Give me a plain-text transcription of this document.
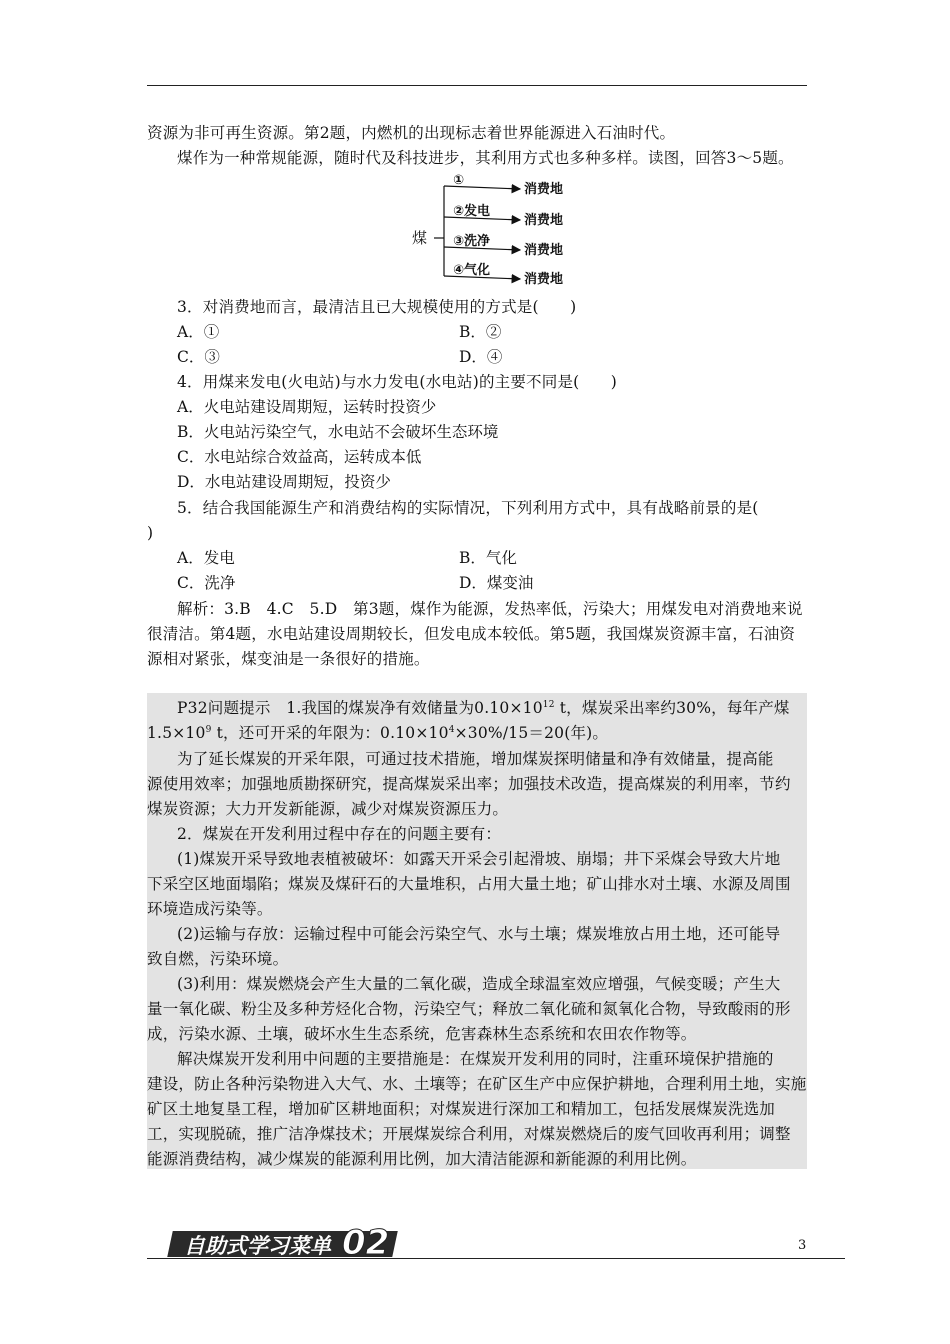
资源为非可再生资源。第2题，内燃机的出现标志着世界能源进入石油时代。
煤作为一种常规能源，随时代及科技进步，其利用方式也多种多样。读图，回答3～5题。
煤
①
②发电
③洗净
④气化
消费地
消费地
消费地
消费地
3．对消费地而言，最清洁且已大规模使用的方式是(　　)
A．①	B．②
C．③	D．④
4．用煤来发电(火电站)与水力发电(水电站)的主要不同是(　　)
A．火电站建设周期短，运转时投资少
B．火电站污染空气，水电站不会破坏生态环境
C．水电站综合效益高，运转成本低
D．水电站建设周期短，投资少
5．结合我国能源生产和消费结构的实际情况，下列利用方式中，具有战略前景的是(
)
A．发电	B．气化
C．洗净	D．煤变油
解析：3.B　4.C　5.D　第3题，煤作为能源，发热率低，污染大；用煤发电对消费地来说
很清洁。第4题，水电站建设周期较长，但发电成本较低。第5题，我国煤炭资源丰富，石油资
源相对紧张，煤变油是一条很好的措施。
P32问题提示　1.我国的煤炭净有效储量为$0.10\times 10^{12}$ t，煤炭采出率约30%，每年产煤
$1.5\times 10^9$ t，还可开采的年限为：$0.10\times 10^4\times 30\%/15=20$(年)。
为了延长煤炭的开采年限，可通过技术措施，增加煤炭探明储量和净有效储量，提高能
源使用效率；加强地质勘探研究，提高煤炭采出率；加强技术改造，提高煤炭的利用率，节约
煤炭资源；大力开发新能源，减少对煤炭资源压力。
2．煤炭在开发利用过程中存在的问题主要有：
(1)煤炭开采导致地表植被破坏：如露天开采会引起滑坡、崩塌；井下采煤会导致大片地
下采空区地面塌陷；煤炭及煤矸石的大量堆积，占用大量土地；矿山排水对土壤、水源及周围
环境造成污染等。
(2)运输与存放：运输过程中可能会污染空气、水与土壤；煤炭堆放占用土地，还可能导
致自燃，污染环境。
(3)利用：煤炭燃烧会产生大量的二氧化碳，造成全球温室效应增强，气候变暖；产生大
量一氧化碳、粉尘及多种芳烃化合物，污染空气；释放二氧化硫和氮氧化合物，导致酸雨的形
成，污染水源、土壤，破坏水生生态系统，危害森林生态系统和农田农作物等。
解决煤炭开发利用中问题的主要措施是：在煤炭开发利用的同时，注重环境保护措施的
建设，防止各种污染物进入大气、水、土壤等；在矿区生产中应保护耕地，合理利用土地，实施
矿区土地复垦工程，增加矿区耕地面积；对煤炭进行深加工和精加工，包括发展煤炭洗选加
工，实现脱硫，推广洁净煤技术；开展煤炭综合利用，对煤炭燃烧后的废气回收再利用；调整
能源消费结构，减少煤炭的能源利用比例，加大清洁能源和新能源的利用比例。
自助式学习菜单 02	3
